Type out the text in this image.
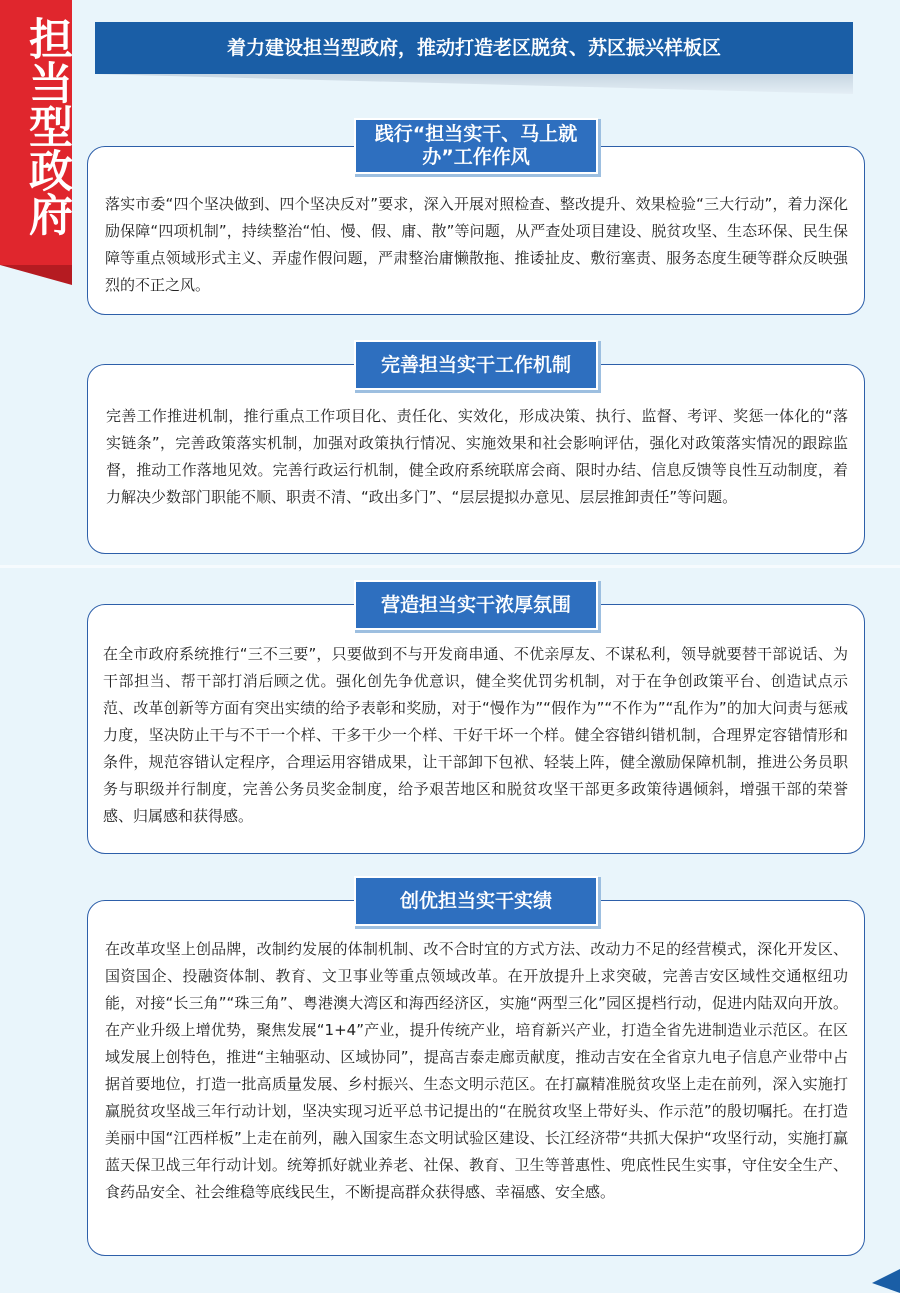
担当型政府	着力建设担当型政府，推动打造老区脱贫、苏区振兴样板区

落实市委“四个坚决做到、四个坚决反对”要求，深入开展对照检查、整改提升、效果检验“三大行动”，着力深化励保障“四项机制”，持续整治“怕、慢、假、庸、散”等问题，从严查处项目建设、脱贫攻坚、生态环保、民生保障等重点领域形式主义、弄虚作假问题，严肃整治庸懒散拖、推诿扯皮、敷衍塞责、服务态度生硬等群众反映强烈的不正之风。

践行“担当实干、马上就办”工作作风

完善工作推进机制，推行重点工作项目化、责任化、实效化，形成决策、执行、监督、考评、奖惩一体化的“落实链条”，完善政策落实机制，加强对政策执行情况、实施效果和社会影响评估，强化对政策落实情况的跟踪监督，推动工作落地见效。完善行政运行机制，健全政府系统联席会商、限时办结、信息反馈等良性互动制度，着力解决少数部门职能不顺、职责不清、“政出多门”、“层层提拟办意见、层层推卸责任”等问题。

完善担当实干工作机制

在全市政府系统推行“三不三要”，只要做到不与开发商串通、不优亲厚友、不谋私利，领导就要替干部说话、为干部担当、帮干部打消后顾之优。强化创先争优意识，健全奖优罚劣机制，对于在争创政策平台、创造试点示范、改革创新等方面有突出实绩的给予表彰和奖励，对于“慢作为”“假作为”“不作为”“乱作为”的加大问责与惩戒力度，坚决防止干与不干一个样、干多干少一个样、干好干坏一个样。健全容错纠错机制，合理界定容错情形和条件，规范容错认定程序，合理运用容错成果，让干部卸下包袱、轻装上阵，健全激励保障机制，推进公务员职务与职级并行制度，完善公务员奖金制度，给予艰苦地区和脱贫攻坚干部更多政策待遇倾斜，增强干部的荣誉感、归属感和获得感。

营造担当实干浓厚氛围

在改革攻坚上创品牌，改制约发展的体制机制、改不合时宜的方式方法、改动力不足的经营模式，深化开发区、国资国企、投融资体制、教育、文卫事业等重点领域改革。在开放提升上求突破，完善吉安区域性交通枢纽功能，对接“长三角”“珠三角”、粤港澳大湾区和海西经济区，实施“两型三化”园区提档行动，促进内陆双向开放。在产业升级上增优势，聚焦发展“1+4”产业，提升传统产业，培育新兴产业，打造全省先进制造业示范区。在区域发展上创特色，推进“主轴驱动、区域协同”，提高吉泰走廊贡献度，推动吉安在全省京九电子信息产业带中占据首要地位，打造一批高质量发展、乡村振兴、生态文明示范区。在打赢精准脱贫攻坚上走在前列，深入实施打赢脱贫攻坚战三年行动计划，坚决实现习近平总书记提出的“在脱贫攻坚上带好头、作示范”的殷切嘱托。在打造美丽中国“江西样板”上走在前列，融入国家生态文明试验区建设、长江经济带“共抓大保护“攻坚行动，实施打赢蓝天保卫战三年行动计划。统筹抓好就业养老、社保、教育、卫生等普惠性、兜底性民生实事，守住安全生产、食药品安全、社会维稳等底线民生，不断提高群众获得感、幸福感、安全感。

创优担当实干实绩
